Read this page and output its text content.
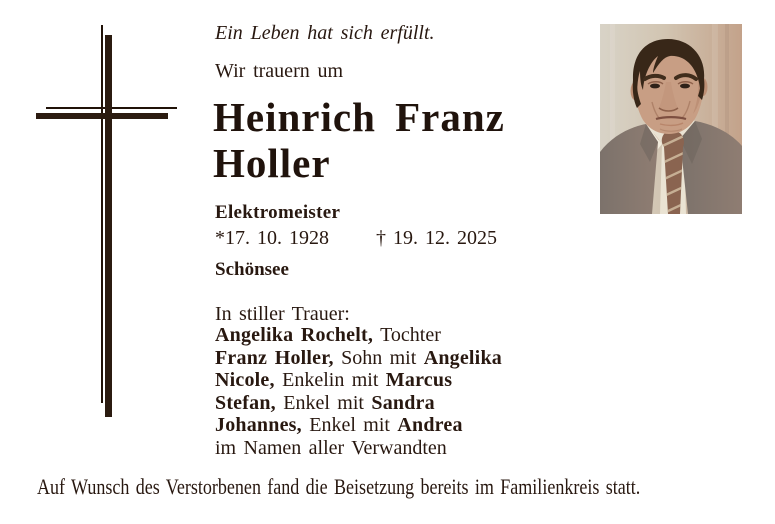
Ein Leben hat sich erfüllt.
Wir trauern um
Heinrich Franz
Holler
Elektromeister
*17. 10. 1928 † 19. 12. 2025
Schönsee
In stiller Trauer:
Angelika Rochelt, Tochter
Franz Holler, Sohn mit Angelika
Nicole, Enkelin mit Marcus
Stefan, Enkel mit Sandra
Johannes, Enkel mit Andrea
im Namen aller Verwandten
Auf Wunsch des Verstorbenen fand die Beisetzung bereits im Familienkreis statt.
